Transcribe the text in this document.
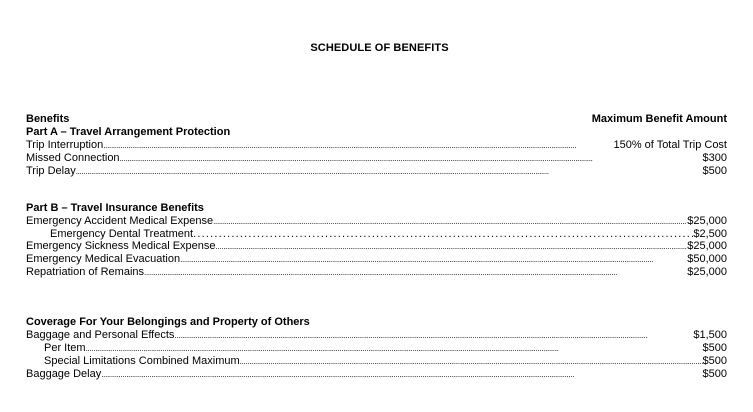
SCHEDULE OF BENEFITS
Benefits	Maximum Benefit Amount
Part A – Travel Arrangement Protection
Trip Interruption .....	150% of Total Trip Cost
Missed Connection .....	$300
Trip Delay .....	$500
Part B – Travel Insurance Benefits
Emergency Accident Medical Expense .....	$25,000
Emergency Dental Treatment .....	$2,500
Emergency Sickness Medical Expense .....	$25,000
Emergency Medical Evacuation .....	$50,000
Repatriation of Remains .....	$25,000
Coverage For Your Belongings and Property of Others
Baggage and Personal Effects .....	$1,500
Per Item .....	$500
Special Limitations Combined Maximum .....	$500
Baggage Delay .....	$500
